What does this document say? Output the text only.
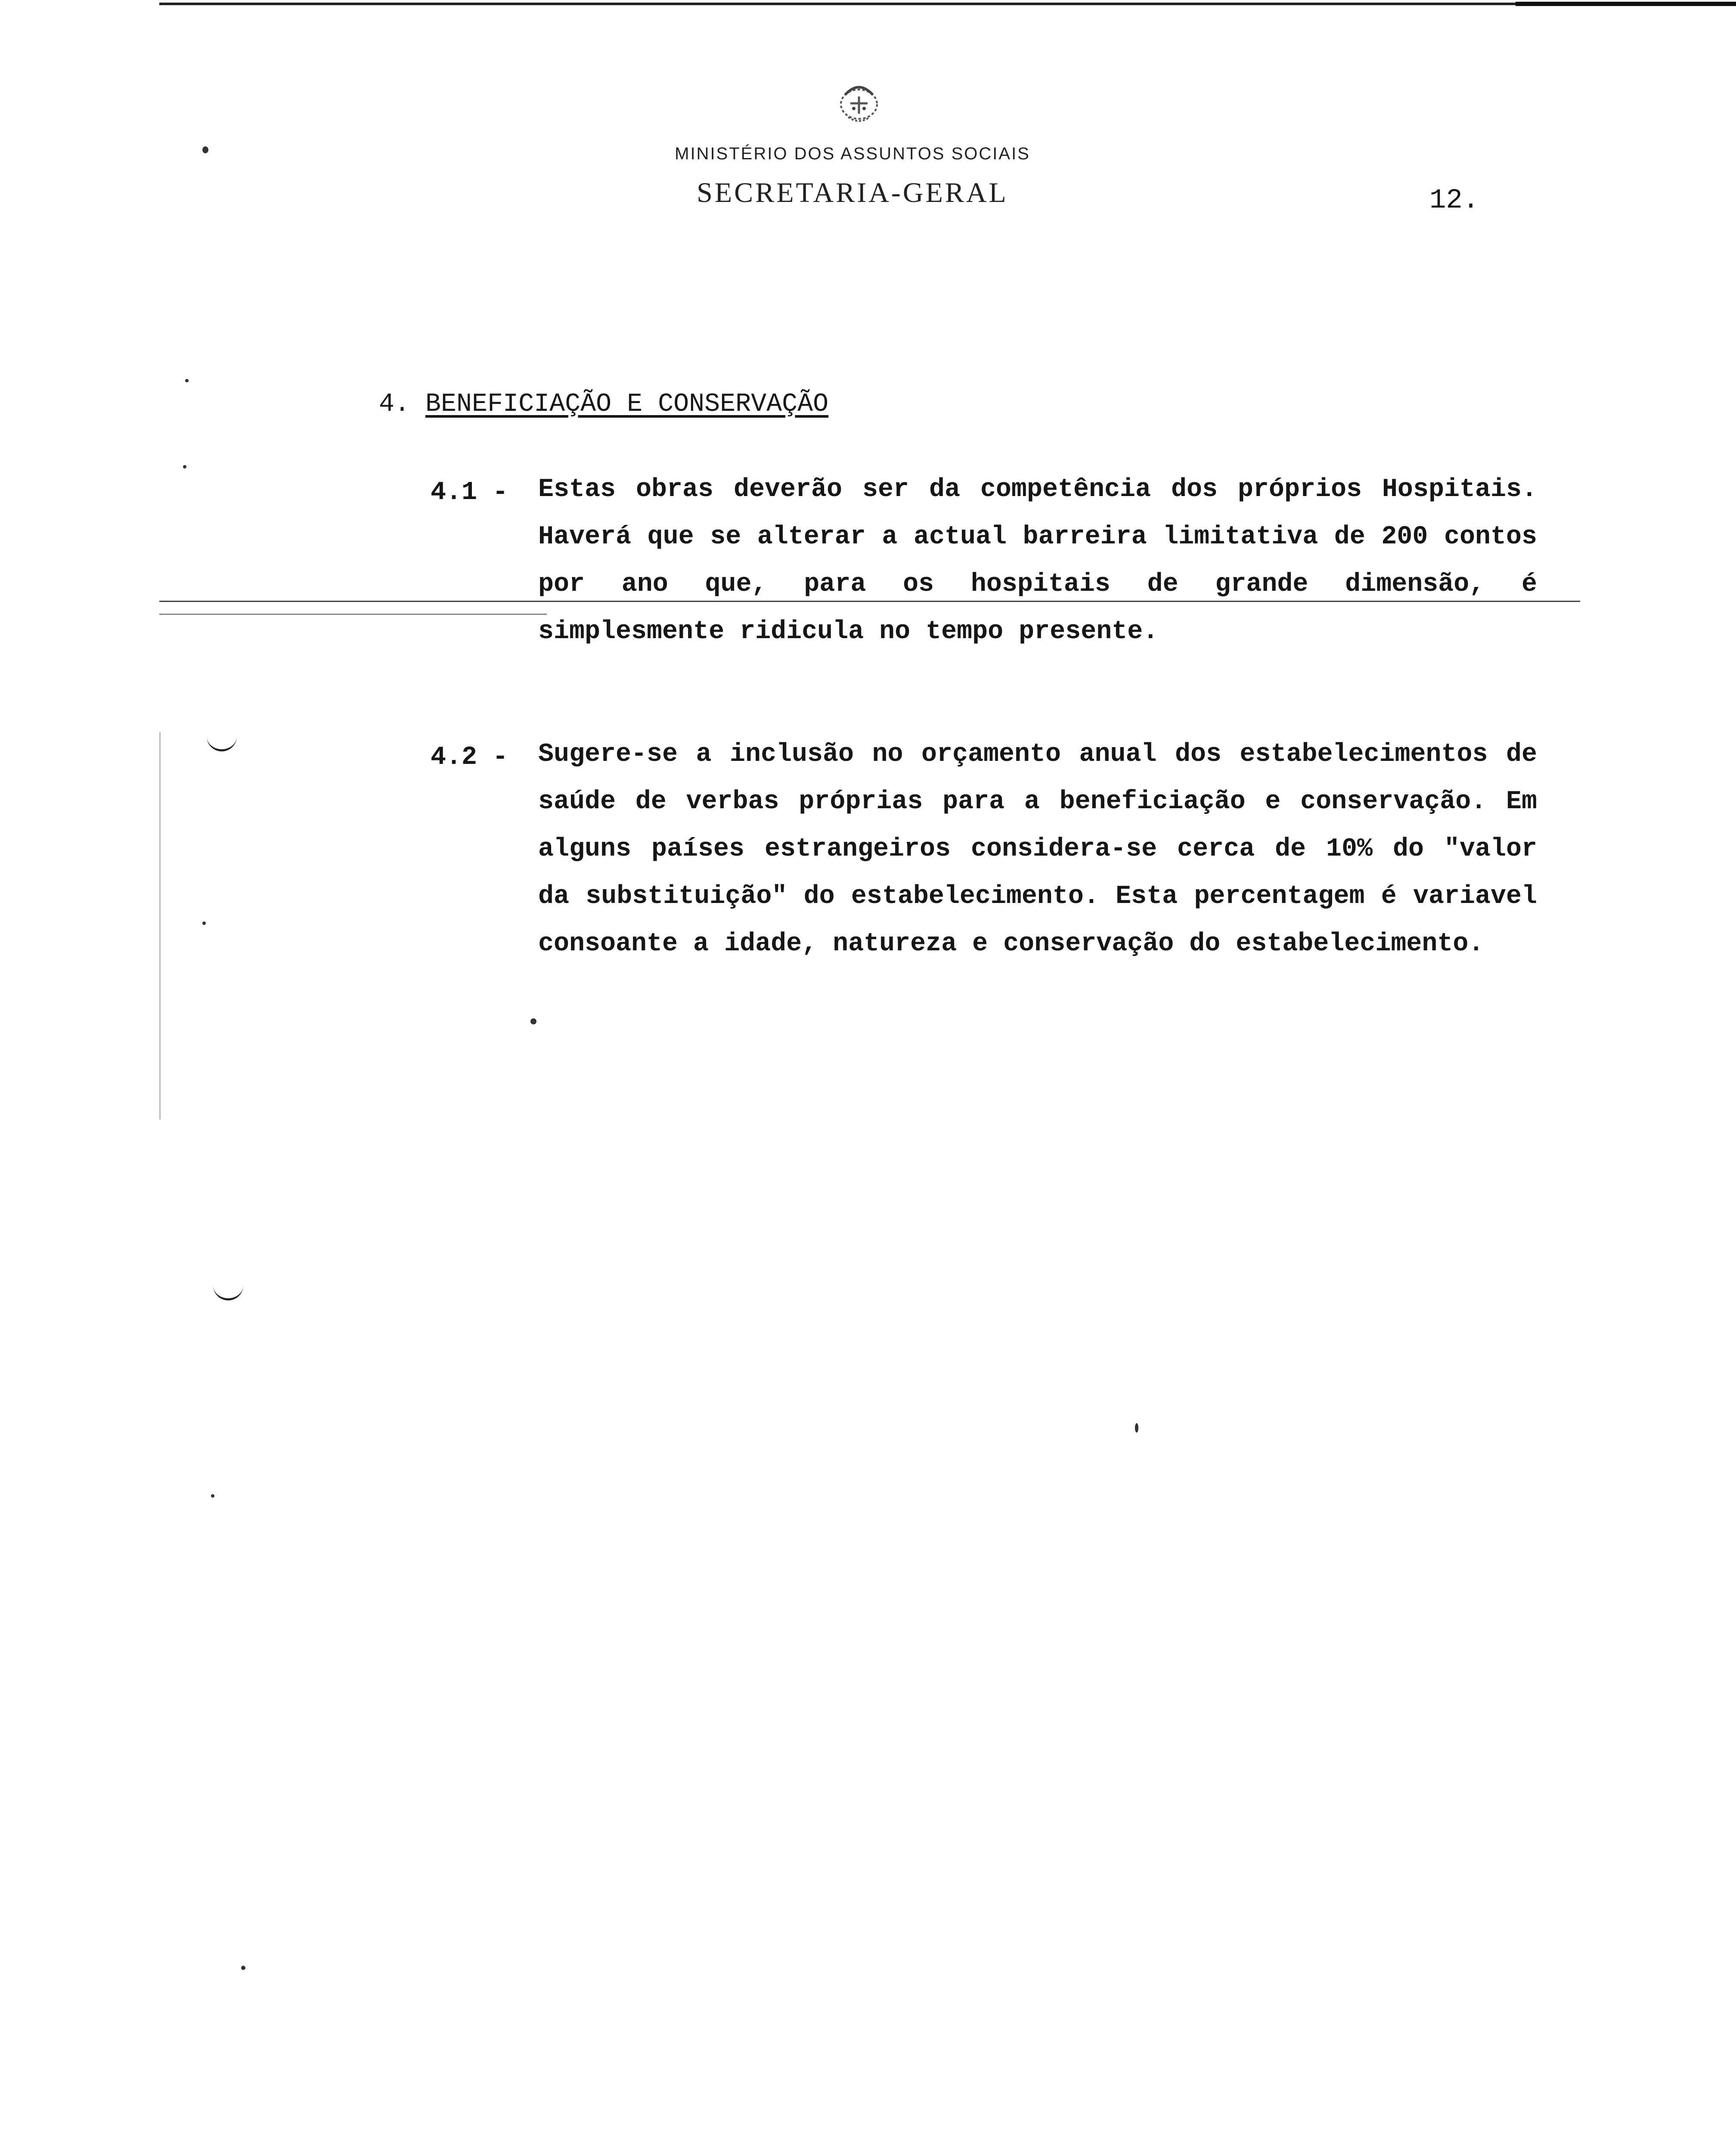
MINISTÉRIO DOS ASSUNTOS SOCIAIS
SECRETARIA-GERAL	12.
4. BENEFICIAÇÃO E CONSERVAÇÃO
4.1 - Estas obras deverão ser da competência dos próprios Hospitais. Haverá que se alterar a actual barreira limitativa de 200 contos por ano que, para os hospitais de grande dimensão, é simplesmente ridicula no tempo presente.
4.2 - Sugere-se a inclusão no orçamento anual dos estabelecimentos de saúde de verbas próprias para a beneficiação e conservação. Em alguns países estrangeiros considera-se cerca de 10% do "valor da substituição" do estabelecimento. Esta percentagem é variavel consoante a idade, natureza e conservação do estabelecimento.
